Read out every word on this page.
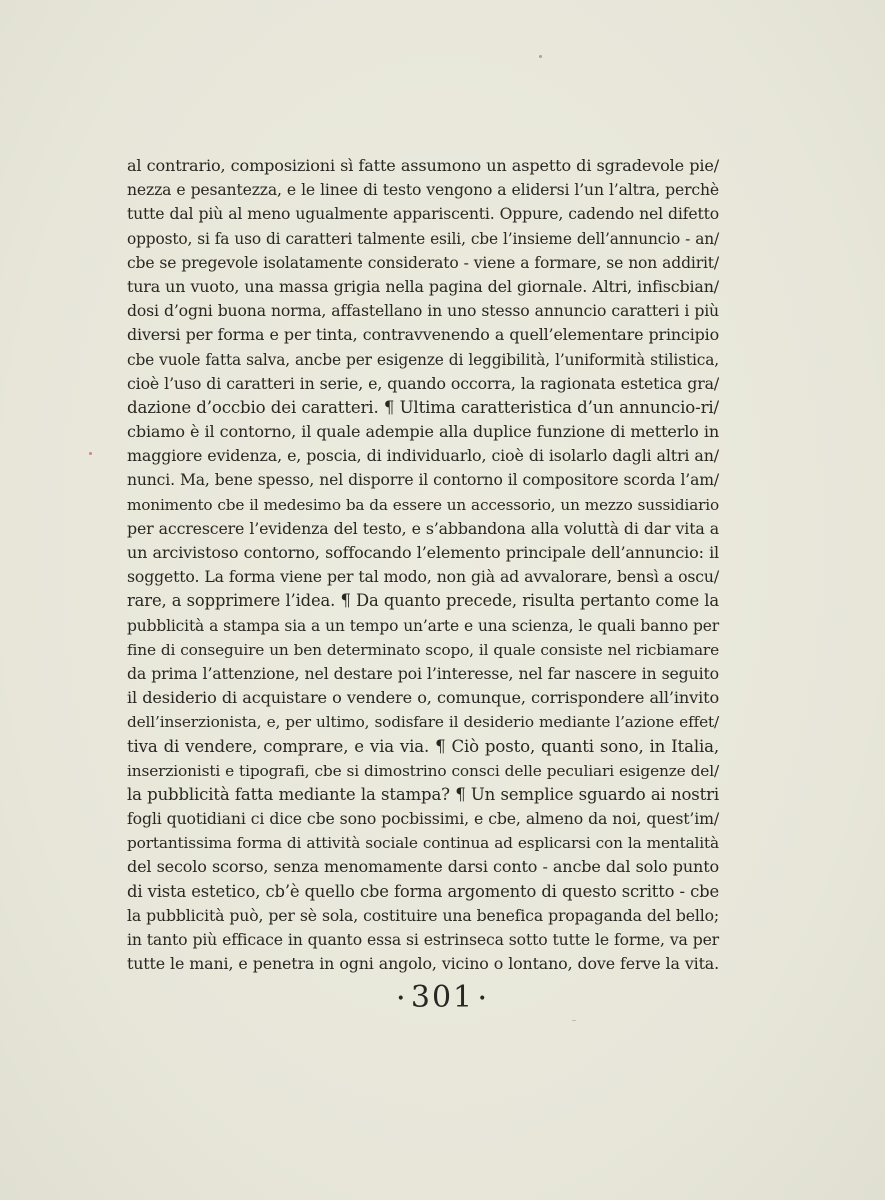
al contrario, composizioni sì fatte assumono un aspetto di sgradevole pie/
nezza e pesantezza, e le linee di testo vengono a elidersi l’un l’altra, perchè
tutte dal più al meno ugualmente appariscenti. Oppure, cadendo nel difetto
opposto, si fa uso di caratteri talmente esili, cbe l’insieme dell’annuncio - an/
cbe se pregevole isolatamente considerato - viene a formare, se non addirit/
tura un vuoto, una massa grigia nella pagina del giornale. Altri, infiscbian/
dosi d’ogni buona norma, affastellano in uno stesso annuncio caratteri i più
diversi per forma e per tinta, contravvenendo a quell’elementare principio
cbe vuole fatta salva, ancbe per esigenze di leggibilità, l’uniformità stilistica,
cioè l’uso di caratteri in serie, e, quando occorra, la ragionata estetica gra/
dazione d’occbio dei caratteri. ¶ Ultima caratteristica d’un annuncio-ri/
cbiamo è il contorno, il quale adempie alla duplice funzione di metterlo in
maggiore evidenza, e, poscia, di individuarlo, cioè di isolarlo dagli altri an/
nunci. Ma, bene spesso, nel disporre il contorno il compositore scorda l’am/
monimento cbe il medesimo ba da essere un accessorio, un mezzo sussidiario
per accrescere l’evidenza del testo, e s’abbandona alla voluttà di dar vita a
un arcivistoso contorno, soffocando l’elemento principale dell’annuncio: il
soggetto. La forma viene per tal modo, non già ad avvalorare, bensì a oscu/
rare, a sopprimere l’idea. ¶ Da quanto precede, risulta pertanto come la
pubblicità a stampa sia a un tempo un’arte e una scienza, le quali banno per
fine di conseguire un ben determinato scopo, il quale consiste nel ricbiamare
da prima l’attenzione, nel destare poi l’interesse, nel far nascere in seguito
il desiderio di acquistare o vendere o, comunque, corrispondere all’invito
dell’inserzionista, e, per ultimo, sodisfare il desiderio mediante l’azione effet/
tiva di vendere, comprare, e via via. ¶ Ciò posto, quanti sono, in Italia,
inserzionisti e tipografi, cbe si dimostrino consci delle peculiari esigenze del/
la pubblicità fatta mediante la stampa? ¶ Un semplice sguardo ai nostri
fogli quotidiani ci dice cbe sono pocbissimi, e cbe, almeno da noi, quest’im/
portantissima forma di attività sociale continua ad esplicarsi con la mentalità
del secolo scorso, senza menomamente darsi conto - ancbe dal solo punto
di vista estetico, cb’è quello cbe forma argomento di questo scritto - cbe
la pubblicità può, per sè sola, costituire una benefica propaganda del bello;
in tanto più efficace in quanto essa si estrinseca sotto tutte le forme, va per
tutte le mani, e penetra in ogni angolo, vicino o lontano, dove ferve la vita.
• 301 •
